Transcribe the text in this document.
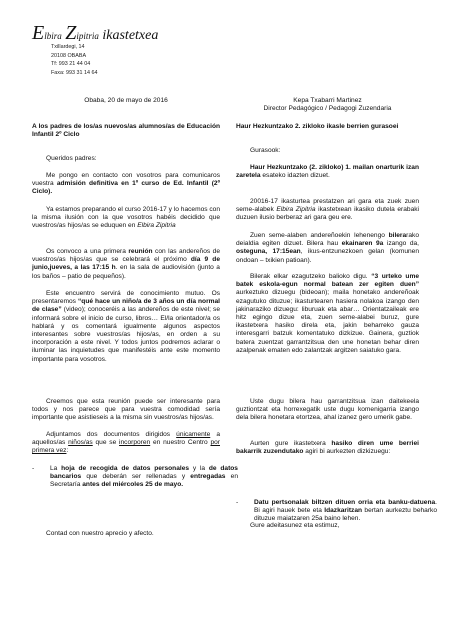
Elbira Zipitria ikastetxea
Txillardegi, 14
20108 OBABA
Tf: 993 21 44 04
Faxa: 993 31 14 64
Obaba, 20 de mayo de 2016	Kepa Txabarri Martinez
Director Pedagógico / Pedagogi Zuzendaria

A los padres de los/as nuevos/as alumnos/as de Educación Infantil 2º Ciclo

Queridos padres:

Me pongo en contacto con vosotros para comunicaros vuestra admisión definitiva en 1º curso de Ed. Infantil (2º Ciclo).

Ya estamos preparando el curso 2016-17 y lo hacemos con la misma ilusión con la que vosotros habéis decidido que vuestros/as hijos/as se eduquen en Elbira Zipitria

Os convoco a una primera reunión con las andereños de vuestros/as hijos/as que se celebrará el próximo día 9 de junio,jueves, a las 17:15 h. en la sala de audiovisión (junto a los baños – patio de pequeños).

Este encuentro servirá de conocimiento mutuo. Os presentaremos “qué hace un niño/a de 3 años un día normal de clase” (video); conoceréis a las andereños de este nivel; se informará sobre el inicio de curso, libros… El/la orientador/a os hablará y os comentará igualmente algunos aspectos interesantes sobre vuestros/as hijos/as, en orden a su incorporación a este nivel. Y todos juntos podremos aclarar o iluminar las inquietudes que manifestéis ante este momento importante para vosotros.

Creemos que esta reunión puede ser interesante para todos y nos parece que para vuestra comodidad sería importante que asistieseis a la misma sin vuestros/as hijos/as.

Adjuntamos dos documentos dirigidos únicamente a aquellos/as niños/as que se incorporen en nuestro Centro por primera vez:

- La hoja de recogida de datos personales y la de datos bancarios que deberán ser rellenadas y entregadas en Secretaría antes del miércoles 25 de mayo.

Contad con nuestro aprecio y afecto.

Haur Hezkuntzako 2. zikloko ikasle berrien gurasoei

Gurasook:

Haur Hezkuntzako (2. zikloko) 1. mailan onarturik izan zaretela esateko idazten dizuet.

20016-17 ikasturtea prestatzen ari gara eta zuek zuen seme-alabek Elbira Zipitria ikastetxean ikasiko dutela erabaki duzuen ilusio berberaz ari gara geu ere.

Zuen seme-alaben andereñoekin lehenengo bilerarako deialdia egiten dizuet. Bilera hau ekainaren 9a izango da, osteguna, 17:15ean, ikus-entzunezkoen gelan (komunen ondoan – txikien patioan).

Bilerak elkar ezagutzeko balioko digu. “3 urteko ume batek eskola-egun normal batean zer egiten duen” aurkeztuko dizuegu (bideoan); maila honetako andereñoak ezagutuko dituzue; ikasturtearen hasiera nolakoa izango den jakinaraziko dizuegu: liburuak eta abar… Orientatzaileak ere hitz egingo dizue eta, zuen seme-alabei buruz, gure ikastetxera hasiko direla eta, jakin beharreko gauza interesgarri batzuk komentatuko dizkizue. Gainera, guztiok batera zuentzat garrantzitsua den une honetan behar diren azalpenak ematen edo zalantzak argitzen saiatuko gara.

Uste dugu bilera hau garrantzitsua izan daitekeela guztiontzat eta horrexegatik uste dugu komenigarria izango dela bilera honetara etortzea, ahal izanez gero umerik gabe.

Aurten gure ikastetxera hasiko diren ume berriei bakarrik zuzendutako agiri bi aurkezten dizkizuegu:

- Datu pertsonalak biltzen dituen orria eta banku-datuena. Bi agiri hauek bete eta Idazkaritzan bertan aurkeztu beharko dituzue maiatzaren 25a baino lehen.

Gure adeitasunez eta estimuz,
